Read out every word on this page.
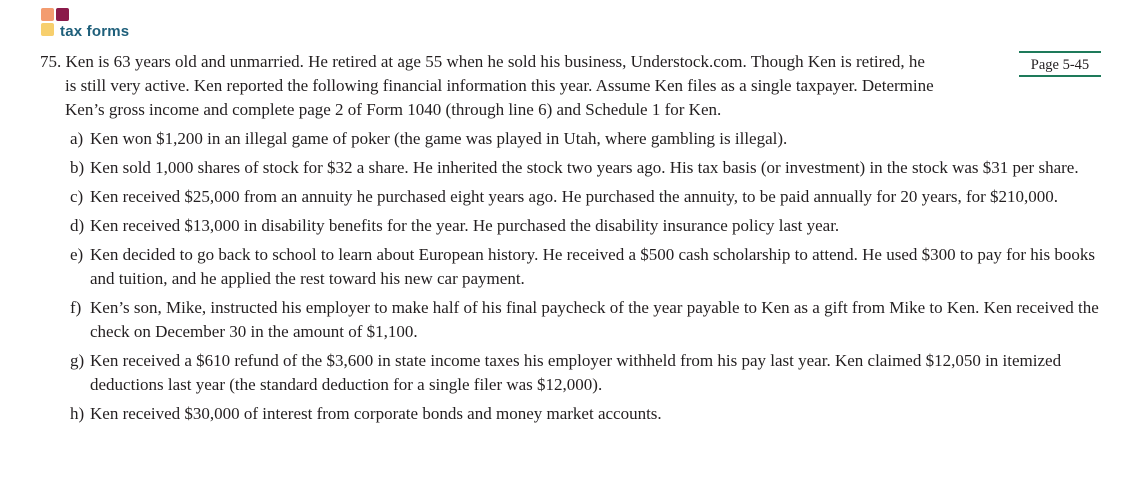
tax forms
Page 5-45
75. Ken is 63 years old and unmarried. He retired at age 55 when he sold his business, Understock.com. Though Ken is retired, he
is still very active. Ken reported the following financial information this year. Assume Ken files as a single taxpayer. Determine
Ken’s gross income and complete page 2 of Form 1040 (through line 6) and Schedule 1 for Ken.
a) Ken won $1,200 in an illegal game of poker (the game was played in Utah, where gambling is illegal).
b) Ken sold 1,000 shares of stock for $32 a share. He inherited the stock two years ago. His tax basis (or investment) in the stock was $31 per share.
c) Ken received $25,000 from an annuity he purchased eight years ago. He purchased the annuity, to be paid annually for 20 years, for $210,000.
d) Ken received $13,000 in disability benefits for the year. He purchased the disability insurance policy last year.
e) Ken decided to go back to school to learn about European history. He received a $500 cash scholarship to attend. He used $300 to pay for his books and tuition, and he applied the rest toward his new car payment.
f) Ken’s son, Mike, instructed his employer to make half of his final paycheck of the year payable to Ken as a gift from Mike to Ken. Ken received the check on December 30 in the amount of $1,100.
g) Ken received a $610 refund of the $3,600 in state income taxes his employer withheld from his pay last year. Ken claimed $12,050 in itemized deductions last year (the standard deduction for a single filer was $12,000).
h) Ken received $30,000 of interest from corporate bonds and money market accounts.
